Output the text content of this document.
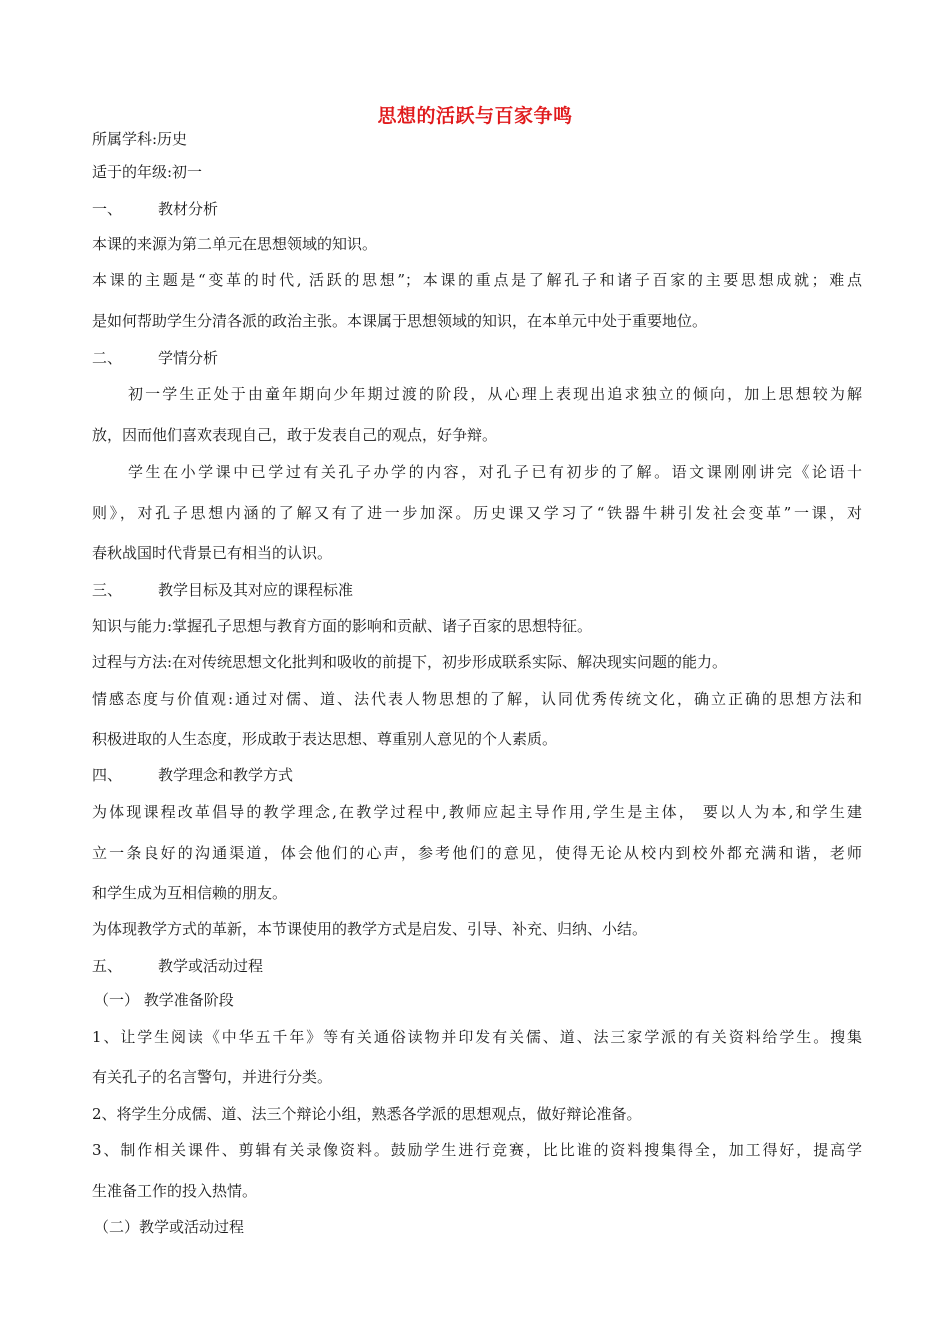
思想的活跃与百家争鸣
所属学科:历史
适于的年级:初一
一、 教材分析
本课的来源为第二单元在思想领域的知识。
本课的主题是“变革的时代, 活跃的思想”；本课的重点是了解孔子和诸子百家的主要思想成就；难点
是如何帮助学生分清各派的政治主张。本课属于思想领域的知识，在本单元中处于重要地位。
二、 学情分析
初一学生正处于由童年期向少年期过渡的阶段，从心理上表现出追求独立的倾向，加上思想较为解
放，因而他们喜欢表现自己，敢于发表自己的观点，好争辩。
学生在小学课中已学过有关孔子办学的内容，对孔子已有初步的了解。语文课刚刚讲完《论语十
则》，对孔子思想内涵的了解又有了进一步加深。历史课又学习了“铁器牛耕引发社会变革”一课，对
春秋战国时代背景已有相当的认识。
三、 教学目标及其对应的课程标准
知识与能力:掌握孔子思想与教育方面的影响和贡献、诸子百家的思想特征。
过程与方法:在对传统思想文化批判和吸收的前提下，初步形成联系实际、解决现实问题的能力。
情感态度与价值观:通过对儒、道、法代表人物思想的了解，认同优秀传统文化，确立正确的思想方法和
积极进取的人生态度，形成敢于表达思想、尊重别人意见的个人素质。
四、 教学理念和教学方式
为体现课程改革倡导的教学理念,在教学过程中,教师应起主导作用,学生是主体， 要以人为本,和学生建
立一条良好的沟通渠道，体会他们的心声，参考他们的意见，使得无论从校内到校外都充满和谐，老师
和学生成为互相信赖的朋友。
为体现教学方式的革新，本节课使用的教学方式是启发、引导、补充、归纳、小结。
五、 教学或活动过程
（一） 教学准备阶段
1、让学生阅读《中华五千年》等有关通俗读物并印发有关儒、道、法三家学派的有关资料给学生。搜集
有关孔子的名言警句，并进行分类。
2、将学生分成儒、道、法三个辩论小组，熟悉各学派的思想观点，做好辩论准备。
3、制作相关课件、剪辑有关录像资料。鼓励学生进行竞赛，比比谁的资料搜集得全，加工得好，提高学
生准备工作的投入热情。
（二）教学或活动过程
